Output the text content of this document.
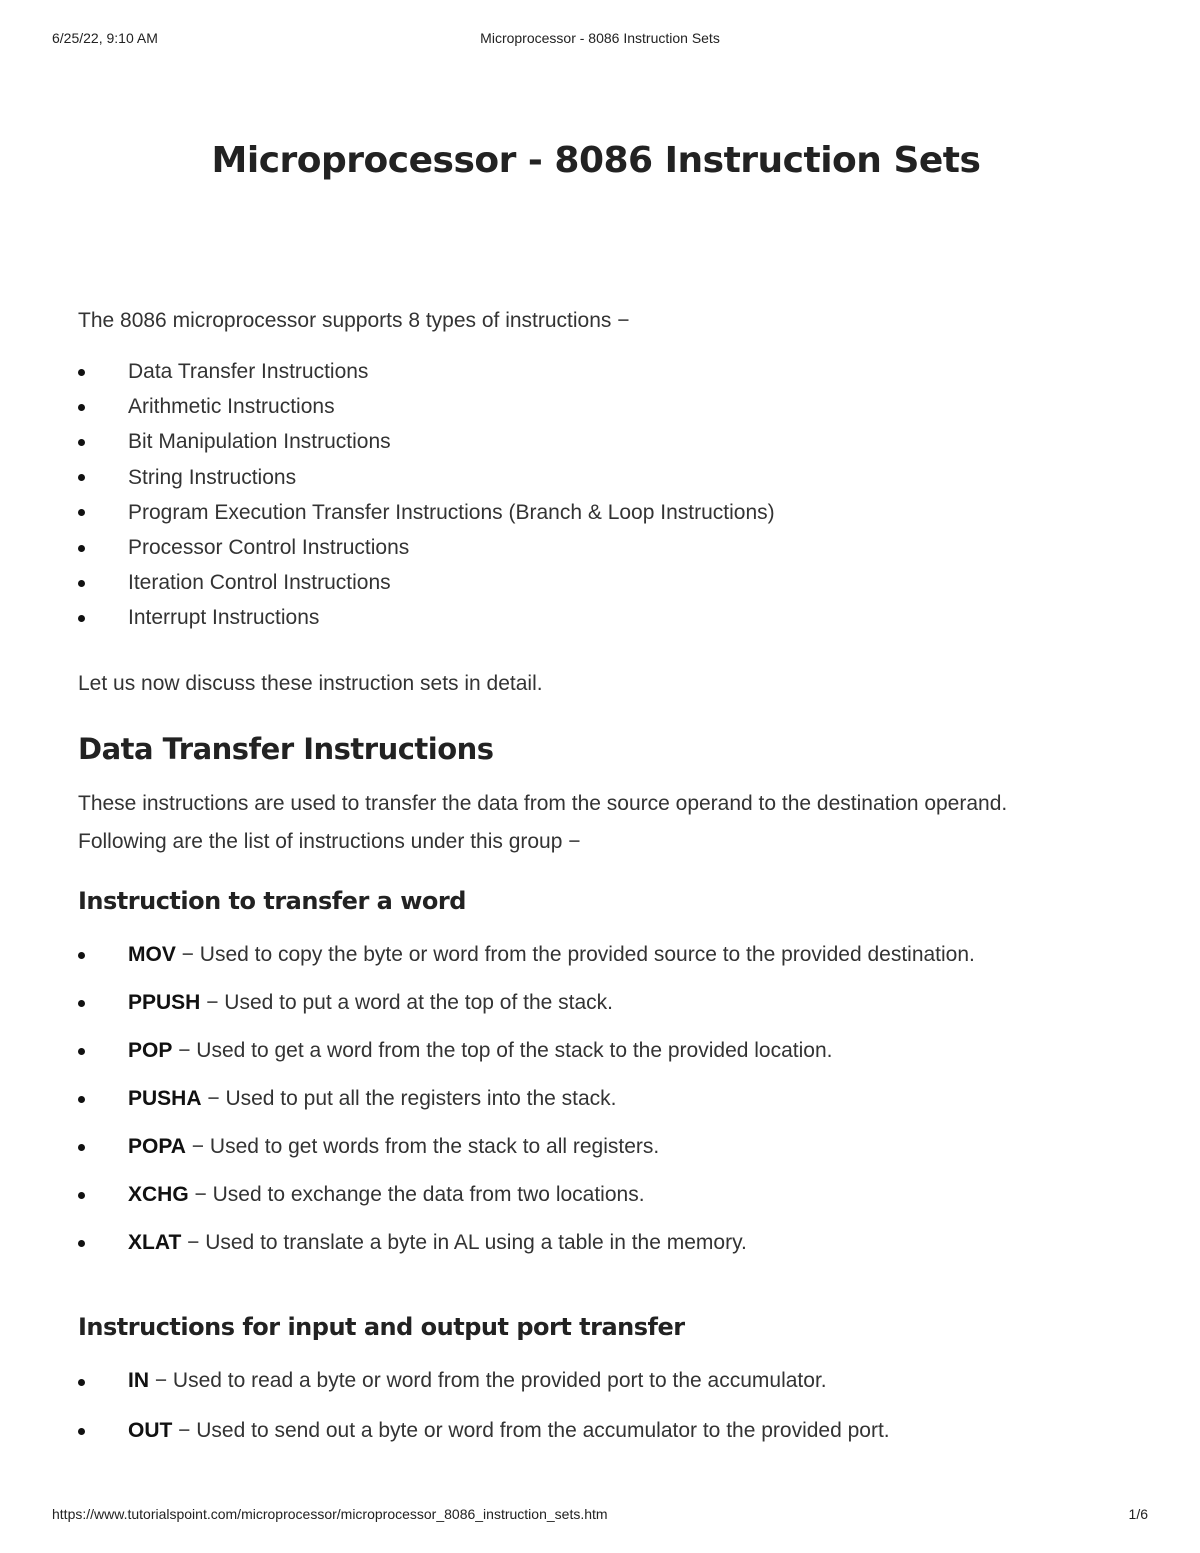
6/25/22, 9:10 AM	Microprocessor - 8086 Instruction Sets
Microprocessor - 8086 Instruction Sets

The 8086 microprocessor supports 8 types of instructions −

Data Transfer Instructions
Arithmetic Instructions
Bit Manipulation Instructions
String Instructions
Program Execution Transfer Instructions (Branch & Loop Instructions)
Processor Control Instructions
Iteration Control Instructions
Interrupt Instructions

Let us now discuss these instruction sets in detail.

Data Transfer Instructions

These instructions are used to transfer the data from the source operand to the destination operand.

Following are the list of instructions under this group −

Instruction to transfer a word
MOV − Used to copy the byte or word from the provided source to the provided destination.
PPUSH − Used to put a word at the top of the stack.
POP − Used to get a word from the top of the stack to the provided location.
PUSHA − Used to put all the registers into the stack.
POPA − Used to get words from the stack to all registers.
XCHG − Used to exchange the data from two locations.
XLAT − Used to translate a byte in AL using a table in the memory.
Instructions for input and output port transfer
IN − Used to read a byte or word from the provided port to the accumulator.
OUT − Used to send out a byte or word from the accumulator to the provided port.
https://www.tutorialspoint.com/microprocessor/microprocessor_8086_instruction_sets.htm	1/6
